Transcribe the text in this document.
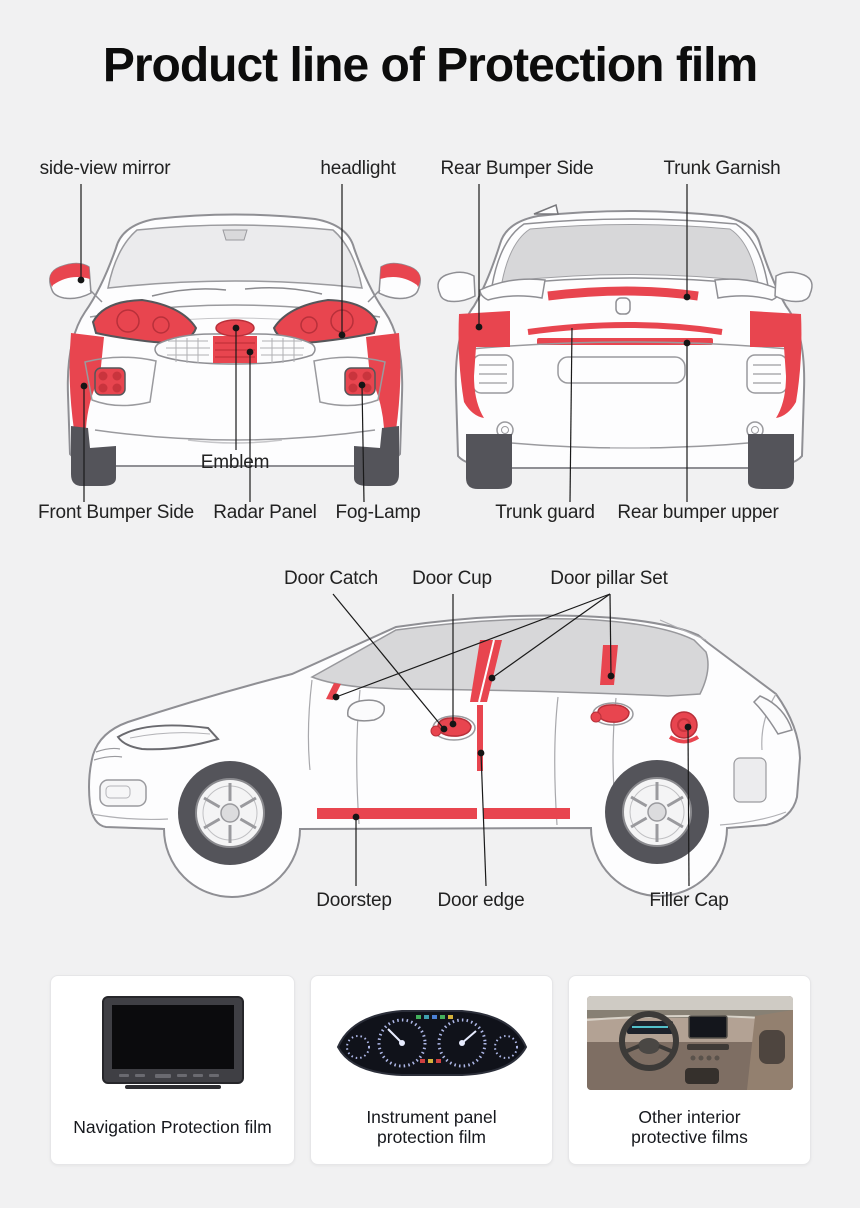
Product line of Protection film
side-view mirror	headlight Rear Bumper Side	Trunk Garnish
Emblem
Front Bumper Side Radar Panel Fog-Lamp	Trunk guard Rear bumper upper
Door Catch Door Cup	Door pillar Set
Doorstep Door edge	Filler Cap
Navigation Protection film	Instrument panel
protection film
Other interior
protective films
